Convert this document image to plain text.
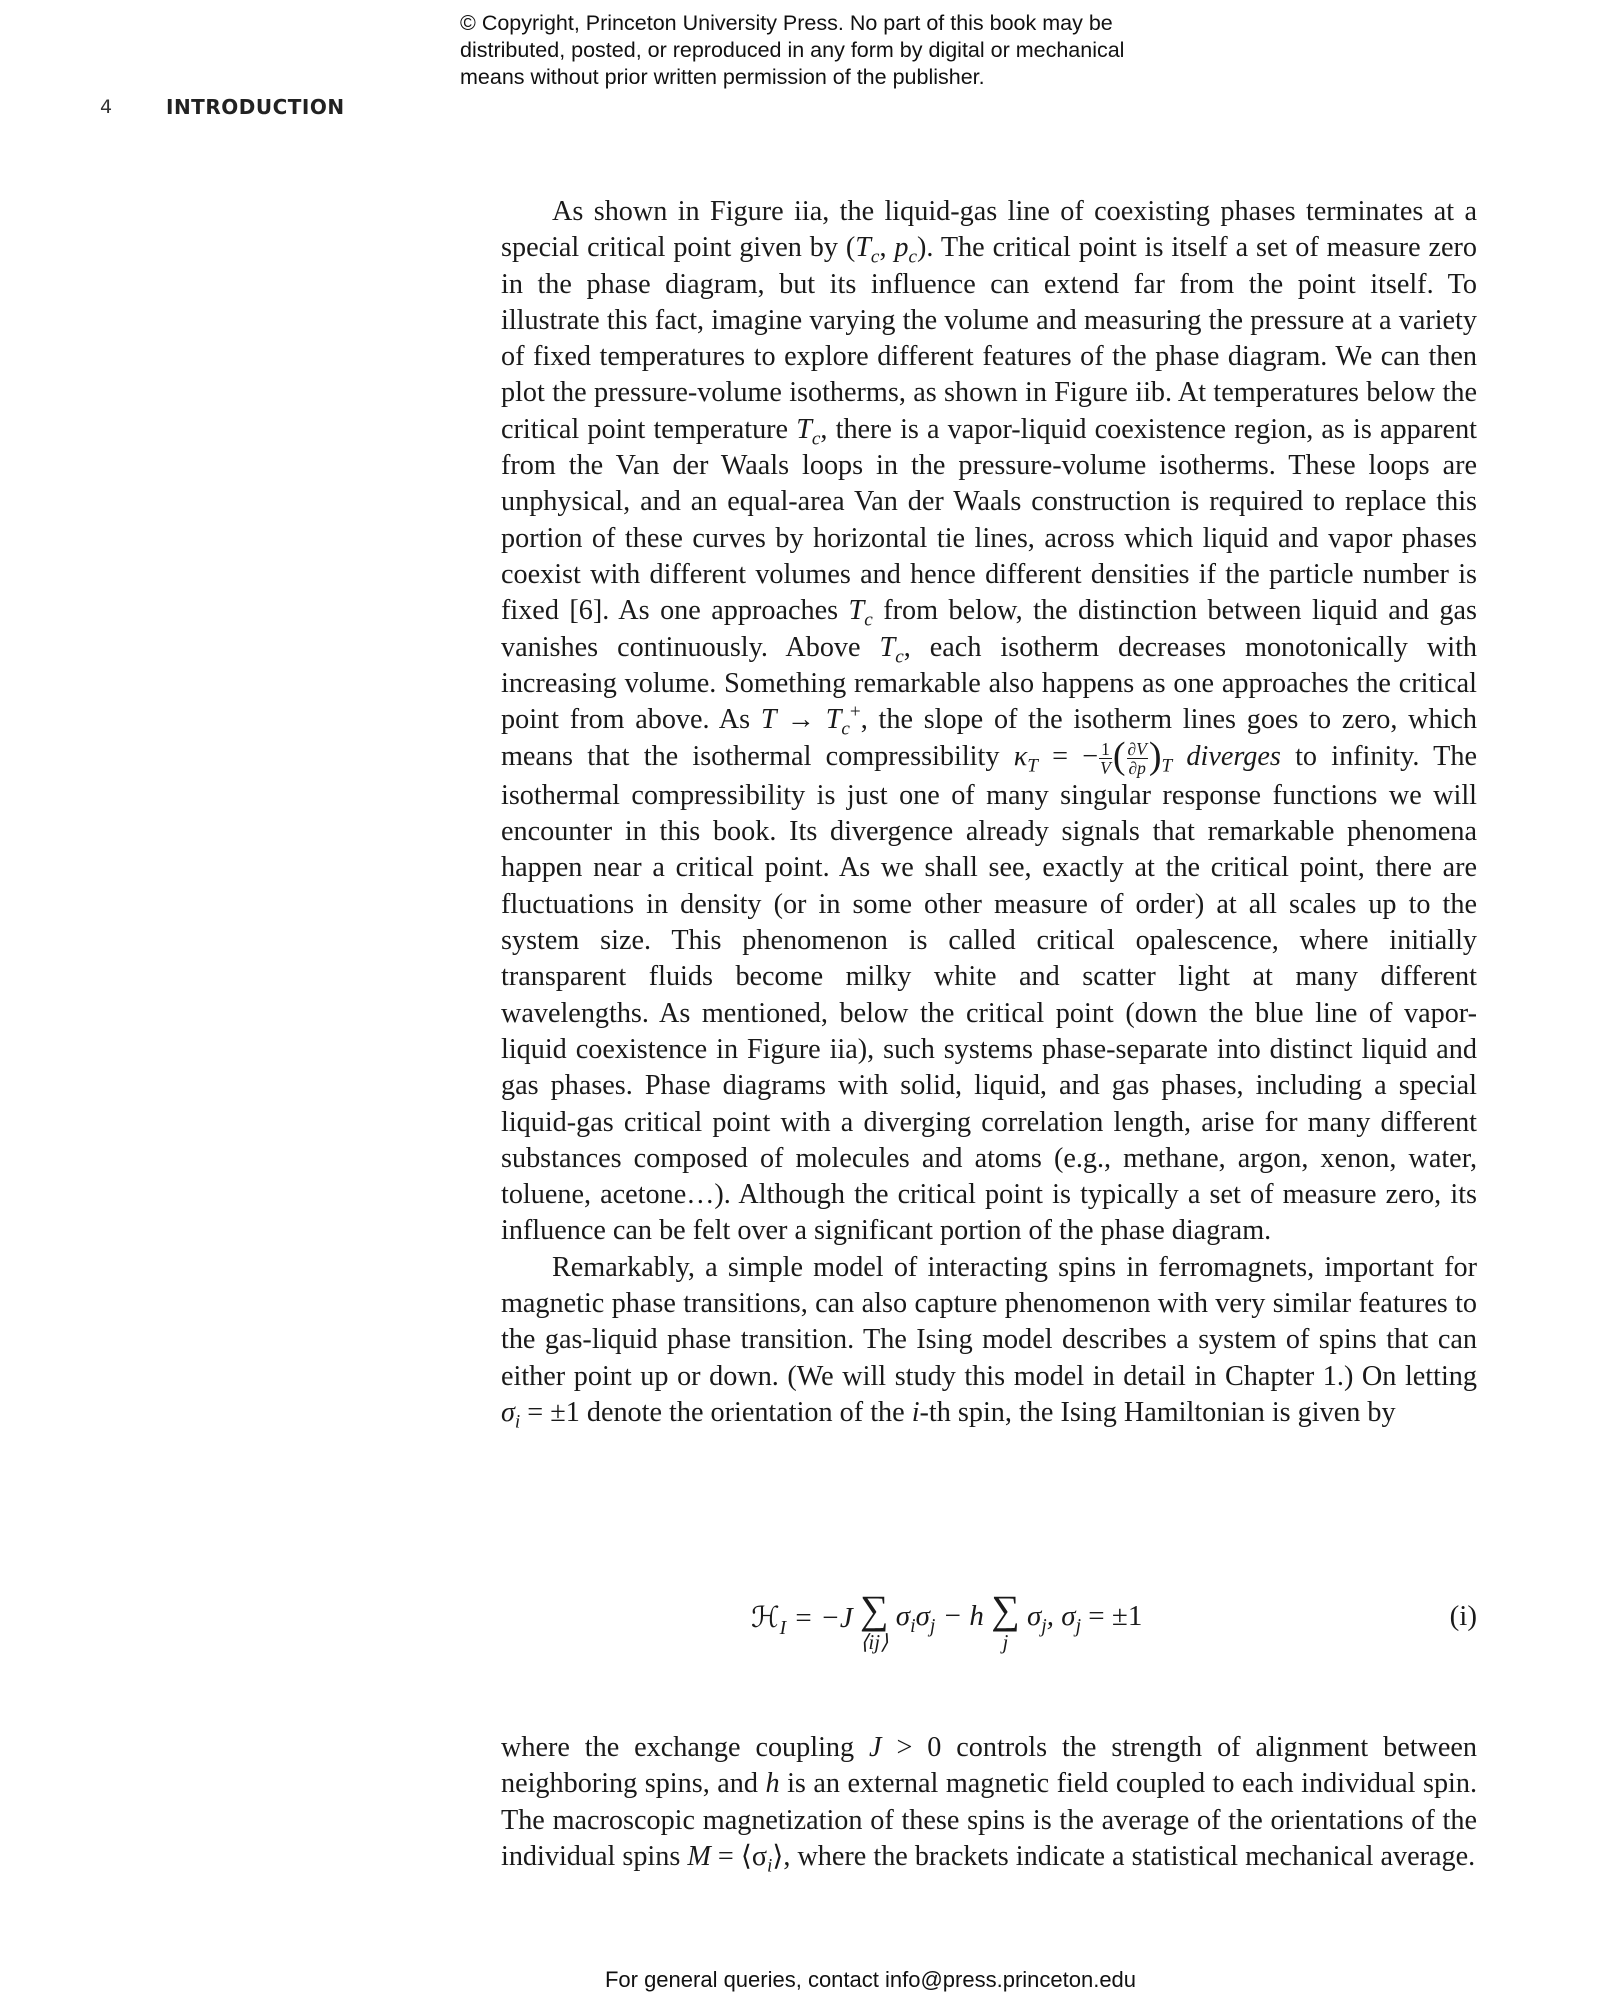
© Copyright, Princeton University Press. No part of this book may be
distributed, posted, or reproduced in any form by digital or mechanical
means without prior written permission of the publisher.
4	INTRODUCTION

As shown in Figure iia, the liquid-gas line of coexisting phases terminates at a special critical point given by ($T_c$, $p_c$). The critical point is itself a set of measure zero in the phase diagram, but its influence can extend far from the point itself. To illustrate this fact, imagine varying the volume and measuring the pressure at a variety of fixed temperatures to explore different features of the phase diagram. We can then plot the pressure-volume isotherms, as shown in Figure iib. At temperatures below the critical point temperature $T_c$, there is a vapor-liquid coexistence region, as is apparent from the Van der Waals loops in the pressure-volume isotherms. These loops are unphysical, and an equal-area Van der Waals construction is required to replace this portion of these curves by horizontal tie lines, across which liquid and vapor phases coexist with different volumes and hence different densities if the particle number is fixed [6]. As one approaches $T_c$ from below, the distinction between liquid and gas vanishes continuously. Above $T_c$, each isotherm decreases monotonically with increasing volume. Something remarkable also happens as one approaches the critical point from above. As $T \to T_c^+$, the slope of the isotherm lines goes to zero, which means that the isothermal compressibility $\kappa_T$ = − $\frac{1}{V}$ ( $\frac{\partial V}{\partial p} )_T$ diverges to infinity. The isothermal compressibility is just one of many singular response functions we will encounter in this book. Its divergence already signals that remarkable phenomena happen near a critical point. As we shall see, exactly at the critical point, there are fluctuations in density (or in some other measure of order) at all scales up to the system size. This phenomenon is called critical opalescence, where initially transparent fluids become milky white and scatter light at many different wavelengths. As mentioned, below the critical point (down the blue line of vapor-liquid coexistence in Figure iia), such systems phase-separate into distinct liquid and gas phases. Phase diagrams with solid, liquid, and gas phases, including a special liquid-gas critical point with a diverging correlation length, arise for many different substances composed of molecules and atoms (e.g., methane, argon, xenon, water, toluene, acetone…). Although the critical point is typically a set of measure zero, its influence can be felt over a significant portion of the phase diagram.

Remarkably, a simple model of interacting spins in ferromagnets, important for magnetic phase transitions, can also capture phenomenon with very similar features to the gas-liquid phase transition. The Ising model describes a system of spins that can either point up or down. (We will study this model in detail in Chapter 1.) On letting $\sigma_i = \pm 1$ denote the orientation of the i-th spin, the Ising Hamiltonian is given by

ℋ$_I$ = −J ∑
⟨ij⟩
$\sigma_i\sigma_j - h$ ∑
j
$\sigma_j$, $\sigma_j = \pm 1$	(i)

where the exchange coupling J > 0 controls the strength of alignment between neighboring spins, and h is an external magnetic field coupled to each individual spin. The macroscopic magnetization of these spins is the average of the orientations of the individual spins $M = ⟨\sigma_i⟩$, where the brackets indicate a statistical mechanical average.

For general queries, contact info@press.princeton.edu
